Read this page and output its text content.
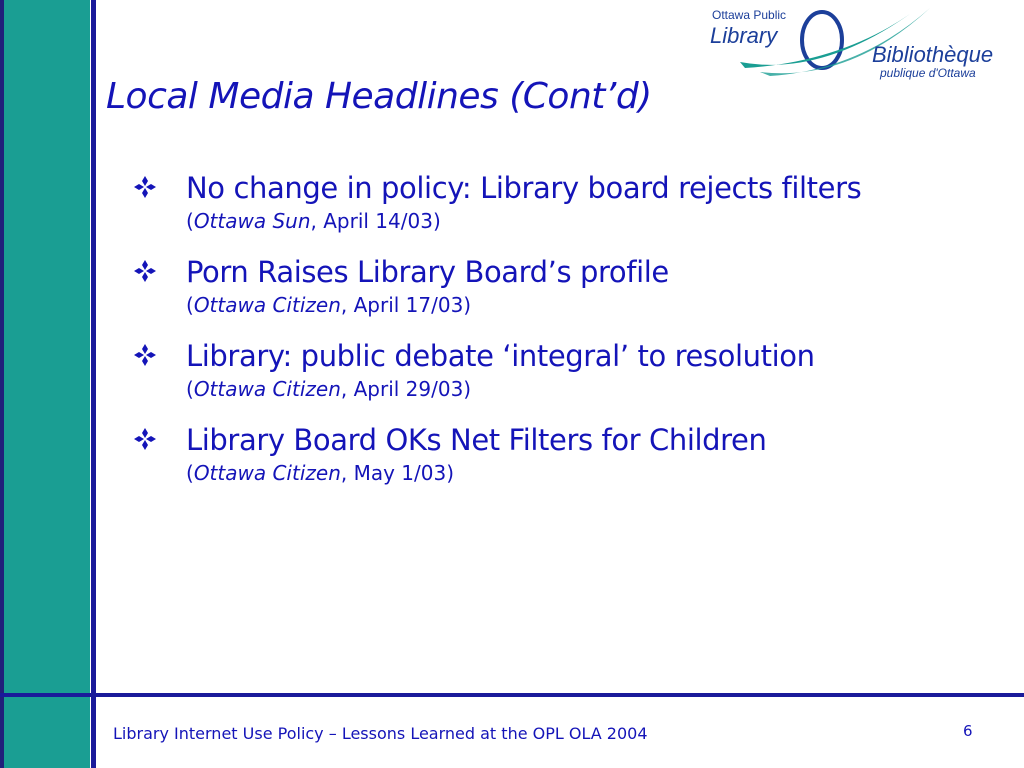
Ottawa Public
Library
Bibliothèque
publique d'Ottawa
Local Media Headlines (Cont’d)
No change in policy: Library board rejects filters
(Ottawa Sun, April 14/03)
Porn Raises Library Board’s profile
(Ottawa Citizen, April 17/03)
Library: public debate ‘integral’ to resolution
(Ottawa Citizen, April 29/03)
Library Board OKs Net Filters for Children
(Ottawa Citizen, May 1/03)
Library Internet Use Policy – Lessons Learned at the OPL OLA 2004	6
